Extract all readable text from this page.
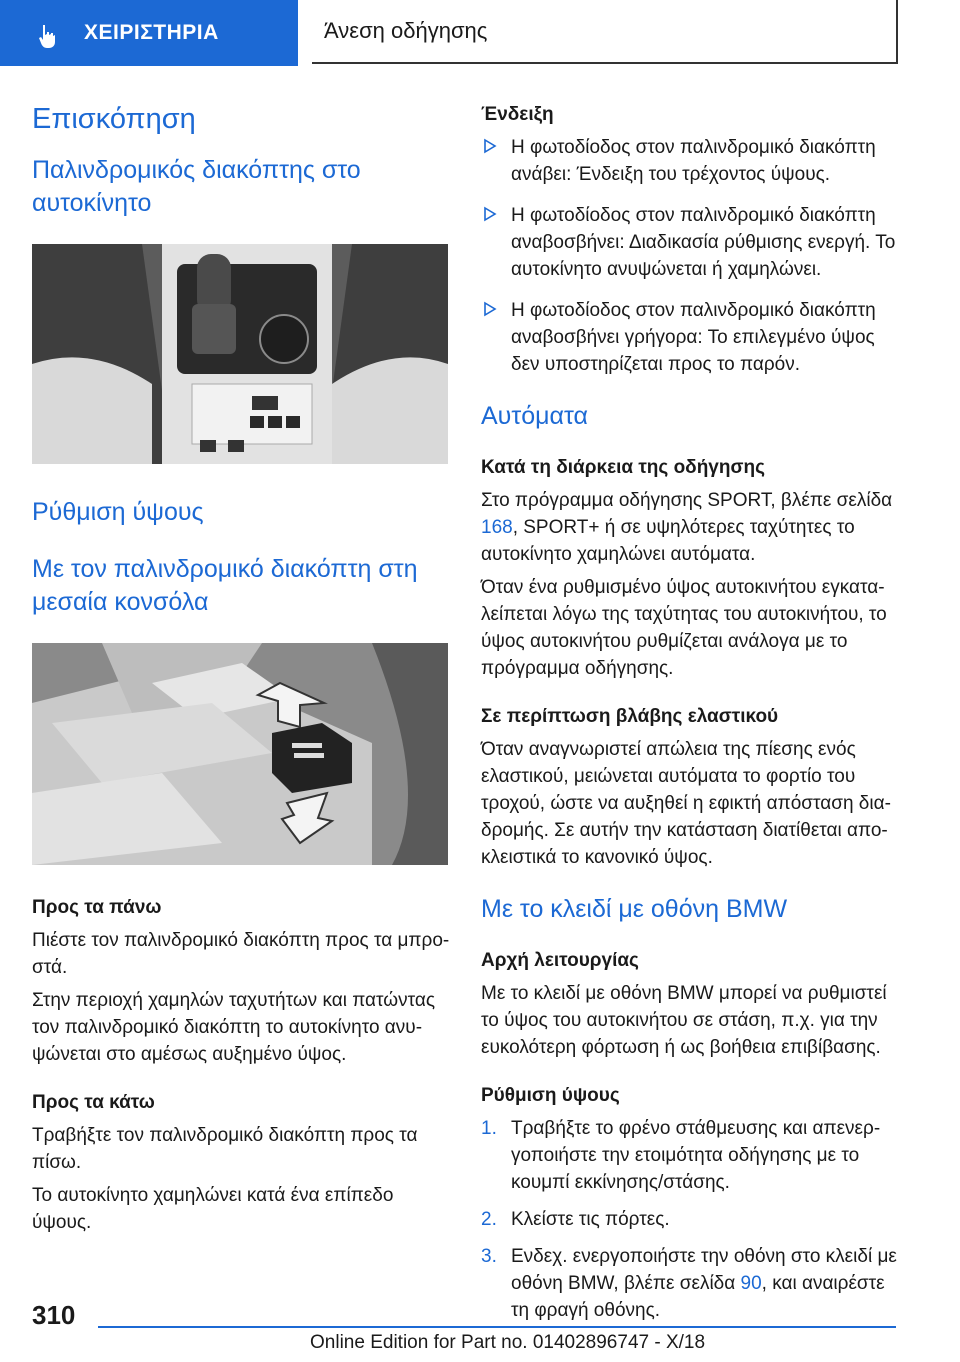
ΧΕΙΡΙΣΤΗΡΙΑ	Άνεση οδήγησης
Επισκόπηση
Παλινδρομικός διακόπτης στο αυτοκίνητο
Ρύθμιση ύψους
Με τον παλινδρομικό διακόπτη στη μεσαία κονσόλα
Προς τα πάνω

Πιέστε τον παλινδρομικό διακόπτη προς τα μπροστά.

Στην περιοχή χαμηλών ταχυτήτων και πατώντας τον παλινδρομικό διακόπτη το αυτοκίνητο ανυψώνεται στο αμέσως αυξημένο ύψος.

Προς τα κάτω

Τραβήξτε τον παλινδρομικό διακόπτη προς τα πίσω.

Το αυτοκίνητο χαμηλώνει κατά ένα επίπεδο ύψους.

Ένδειξη
Η φωτοδίοδος στον παλινδρομικό διακόπτη ανάβει: Ένδειξη του τρέχοντος ύψους.
Η φωτοδίοδος στον παλινδρομικό διακόπτη αναβοσβήνει: Διαδικασία ρύθμισης ενεργή. Το αυτοκίνητο ανυψώνεται ή χαμηλώνει.
Η φωτοδίοδος στον παλινδρομικό διακόπτη αναβοσβήνει γρήγορα: Το επιλεγμένο ύψος δεν υποστηρίζεται προς το παρόν.
Αυτόματα
Κατά τη διάρκεια της οδήγησης

Στο πρόγραμμα οδήγησης SPORT, βλέπε σελίδα 168, SPORT+ ή σε υψηλότερες ταχύτητες το αυτοκίνητο χαμηλώνει αυτόματα.

Όταν ένα ρυθμισμένο ύψος αυτοκινήτου εγκαταλείπεται λόγω της ταχύτητας του αυτοκινήτου, το ύψος αυτοκινήτου ρυθμίζεται ανάλογα με το πρόγραμμα οδήγησης.

Σε περίπτωση βλάβης ελαστικού

Όταν αναγνωριστεί απώλεια της πίεσης ενός ελαστικού, μειώνεται αυτόματα το φορτίο του τροχού, ώστε να αυξηθεί η εφικτή απόσταση διαδρομής. Σε αυτήν την κατάσταση διατίθεται αποκλειστικά το κανονικό ύψος.

Με το κλειδί με οθόνη BMW
Αρχή λειτουργίας

Με το κλειδί με οθόνη BMW μπορεί να ρυθμιστεί το ύψος του αυτοκινήτου σε στάση, π.χ. για την ευκολότερη φόρτωση ή ως βοήθεια επιβίβασης.

Ρύθμιση ύψους
1. Τραβήξτε το φρένο στάθμευσης και απενεργοποιήστε την ετοιμότητα οδήγησης με το κουμπί εκκίνησης/στάσης.
2. Κλείστε τις πόρτες.
3. Ενδεχ. ενεργοποιήστε την οθόνη στο κλειδί με οθόνη BMW, βλέπε σελίδα 90, και αναιρέστε τη φραγή οθόνης.
310
Online Edition for Part no. 01402896747 - X/18
